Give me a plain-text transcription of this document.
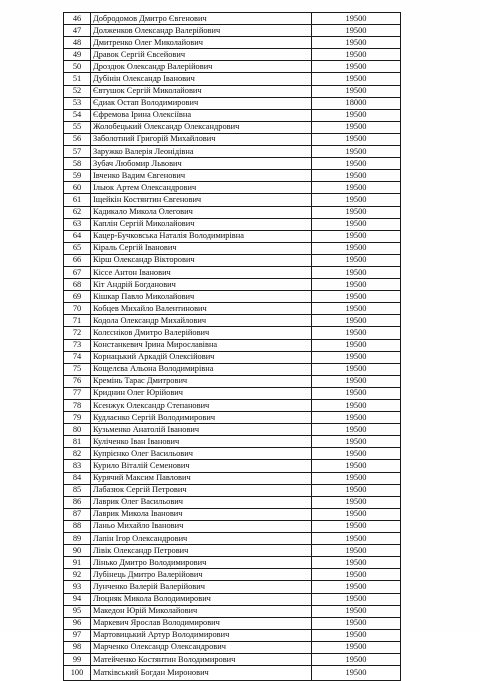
46	Добродомов Дмитро Євгенович	19500
47	Долженков Олександр Валерійович	19500
48	Дмитренко Олег Миколайович	19500
49	Дравок Сергій Євсейович	19500
50	Дроздюк Олександр Валерійович	19500
51	Дубінін Олександр Іванович	19500
52	Євтушок Сергій Миколайович	19500
53	Єдиак Остап Володимирович	18000
54	Єфремова Ірина Олексіївна	19500
55	Жолобецький Олександр Олександрович	19500
56	Заболотний Григорій Михайлович	19500
57	Заружко Валерія Леонідівна	19500
58	Зубач Любомир Львович	19500
59	Івченко Вадим Євгенович	19500
60	Ільюк Артем Олександрович	19500
61	Іщейкін Костянтин Євгенович	19500
62	Кадикало Микола Олегович	19500
63	Каплін Сергій Миколайович	19500
64	Кацер-Бучковська Наталія Володимирівна	19500
65	Кіраль Сергій Іванович	19500
66	Кірш Олександр Вікторович	19500
67	Кіссе Антон Іванович	19500
68	Кіт Андрій Богданович	19500
69	Кішкар Павло Миколайович	19500
70	Кобцев Михайло Валентинович	19500
71	Кодола Олександр Михайлович	19500
72	Колєсніков Дмитро Валерійович	19500
73	Констанкевич Ірина Мирославівна	19500
74	Корнацький Аркадій Олексійович	19500
75	Кощелєва Альона Володимирівна	19500
76	Кремінь Тарас Дмитрович	19500
77	Криднин Олег Юрійович	19500
78	Ксенжук Олександр Степанович	19500
79	Кудлаєнко Сергій Володимирович	19500
80	Кузьменко Анатолій Іванович	19500
81	Куліченко Іван Іванович	19500
82	Купрієнко Олег Васильович	19500
83	Курило Віталій Семенович	19500
84	Курячий Максим Павлович	19500
85	Лабазюк Сергій Петрович	19500
86	Лаврик Олег Васильович	19500
87	Лаврик Микола Іванович	19500
88	Ланьо Михайло Іванович	19500
89	Лапін Ігор Олександрович	19500
90	Лівік Олександр Петрович	19500
91	Лінько Дмитро Володимирович	19500
92	Лубінець Дмитро Валерійович	19500
93	Лунченко Валерій Валерійович	19500
94	Люцняк Микола Володимирович	19500
95	Македон Юрій Миколайович	19500
96	Маркевич Ярослав Володимирович	19500
97	Мартовицький Артур Володимирович	19500
98	Марченко Олександр Олександрович	19500
99	Матейченко Костянтин Володимирович	19500
100	Матківський Богдан Миронович	19500
